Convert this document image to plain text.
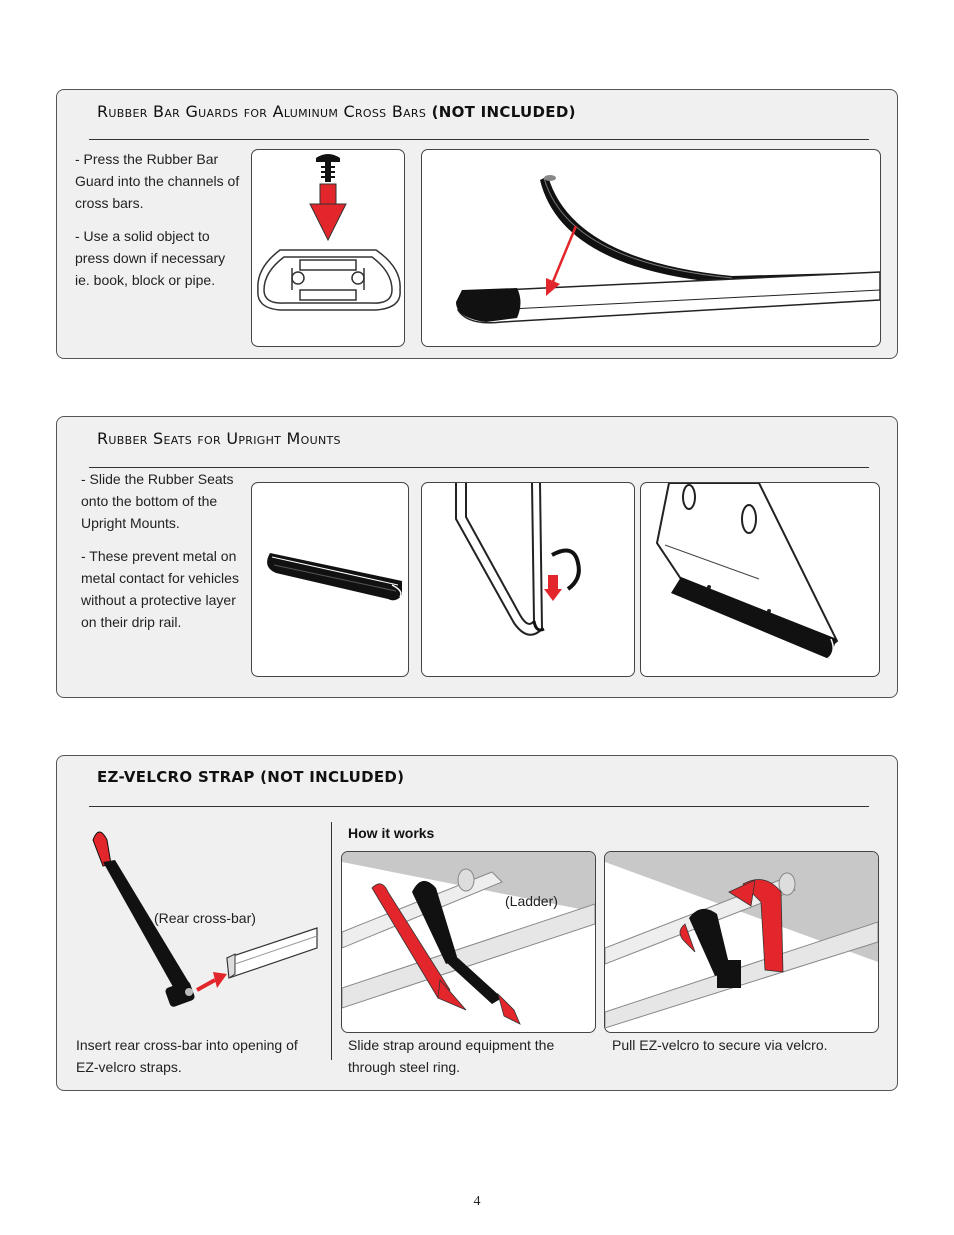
Rubber Bar Guards for Aluminum Cross Bars (NOT INCLUDED)

- Press the Rubber Bar Guard into the channels of cross bars.

- Use a solid object to press down if necessary ie. book, block or pipe.

Rubber Seats for Upright Mounts

- Slide the Rubber Seats onto the bottom of the Upright Mounts.

- These prevent metal on metal contact for vehicles without a protective layer on their drip rail.

EZ-VELCRO STRAP (NOT INCLUDED)
(Rear cross-bar)
Insert rear cross-bar into opening of EZ-velcro straps.
How it works
(Ladder)
Slide strap around equipment the through steel ring.
Pull EZ-velcro to secure via velcro.
4
